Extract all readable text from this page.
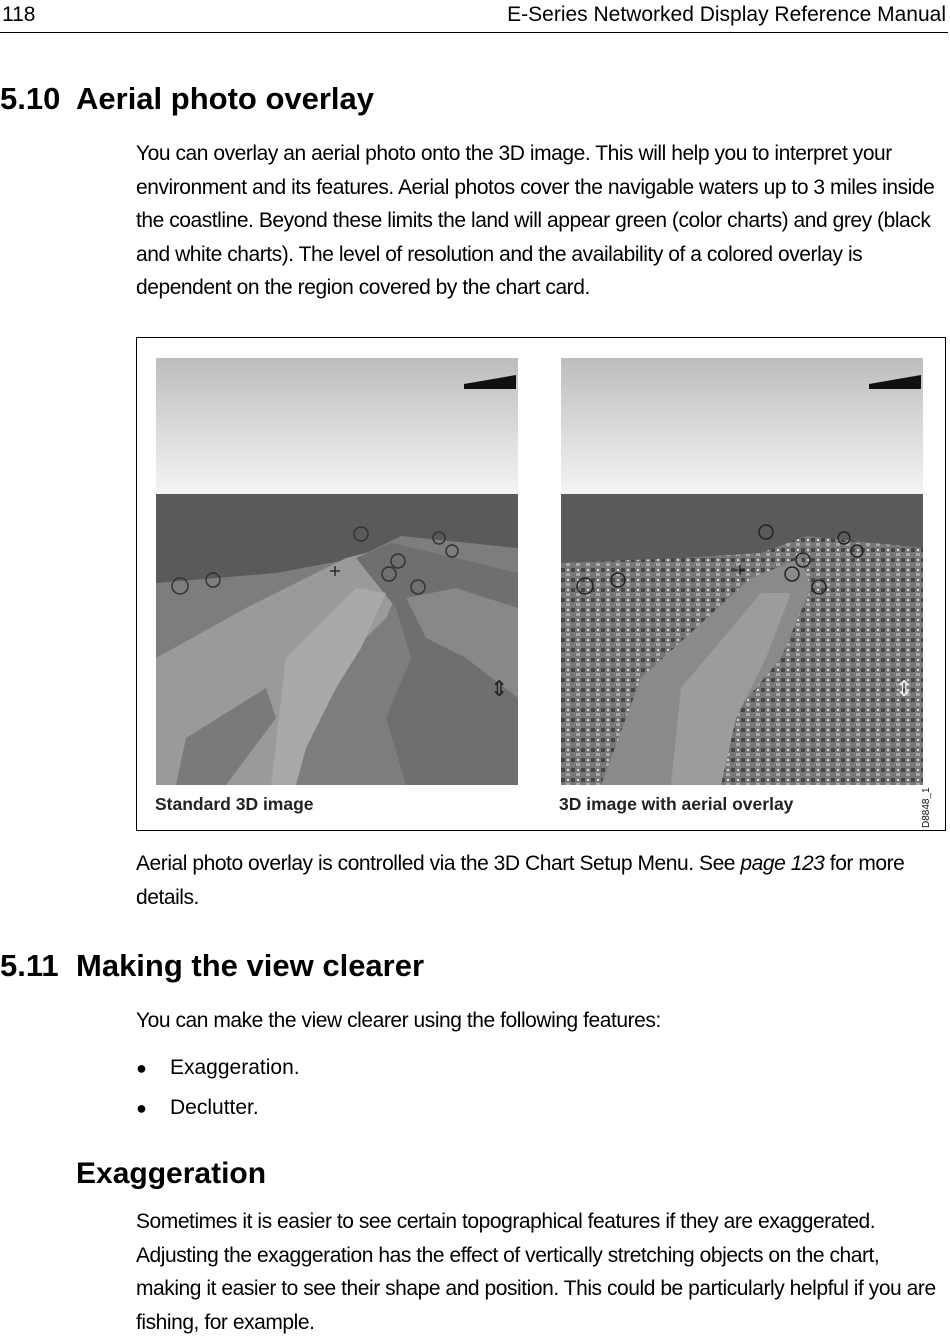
118	E-Series Networked Display Reference Manual
5.10 Aerial photo overlay
You can overlay an aerial photo onto the 3D image. This will help you to interpret your environment and its features. Aerial photos cover the navigable waters up to 3 miles inside the coastline. Beyond these limits the land will appear green (color charts) and grey (black and white charts). The level of resolution and the availability of a colored overlay is dependent on the region covered by the chart card.
⇕	⇕
Standard 3D image	3D image with aerial overlay	D8848_1
Aerial photo overlay is controlled via the 3D Chart Setup Menu. See page 123 for more details.
5.11 Making the view clearer
You can make the view clearer using the following features:
● Exaggeration.
● Declutter.
Exaggeration
Sometimes it is easier to see certain topographical features if they are exaggerated. Adjusting the exaggeration has the effect of vertically stretching objects on the chart, making it easier to see their shape and position. This could be particularly helpful if you are fishing, for example.
